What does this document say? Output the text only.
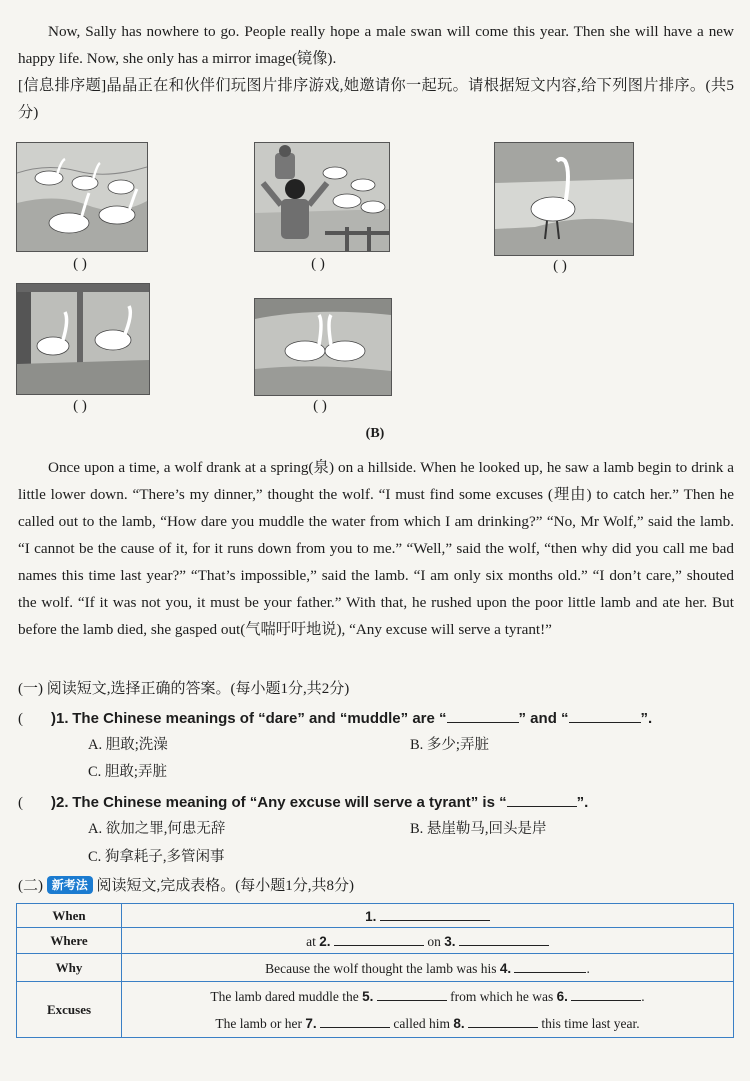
Now, Sally has nowhere to go. People really hope a male swan will come this year. Then she will have a new happy life. Now, she only has a mirror image(镜像).
[信息排序题]晶晶正在和伙伴们玩图片排序游戏,她邀请你一起玩。请根据短文内容,给下列图片排序。(共5分)
( )	( )	( )
( )	( )
(B)
Once upon a time, a wolf drank at a spring(泉) on a hillside. When he looked up, he saw a lamb begin to drink a little lower down. “There’s my dinner,” thought the wolf. “I must find some excuses (理由) to catch her.” Then he called out to the lamb, “How dare you muddle the water from which I am drinking?” “No, Mr Wolf,” said the lamb. “I cannot be the cause of it, for it runs down from you to me.” “Well,” said the wolf, “then why did you call me bad names this time last year?” “That’s impossible,” said the lamb. “I am only six months old.” “I don’t care,” shouted the wolf. “If it was not you, it must be your father.” With that, he rushed upon the poor little lamb and ate her. But before the lamb died, she gasped out(气喘吁吁地说), “Any excuse will serve a tyrant!”
(一) 阅读短文,选择正确的答案。(每小题1分,共2分)
( )1. The Chinese meanings of “dare” and “muddle” are “	” and “	”.
A. 胆敢;洗澡	B. 多少;弄脏
C. 胆敢;弄脏
( )2. The Chinese meaning of “Any excuse will serve a tyrant” is “	”.
A. 欲加之罪,何患无辞	B. 悬崖勒马,回头是岸
C. 狗拿耗子,多管闲事
(二) 新考法 阅读短文,完成表格。(每小题1分,共8分)
When	1.
Where	at 2. on 3.
Why	Because the wolf thought the lamb was his 4. .
Excuses	The lamb dared muddle the 5. from which he was 6. .
The lamb or her 7. called him 8. this time last year.
